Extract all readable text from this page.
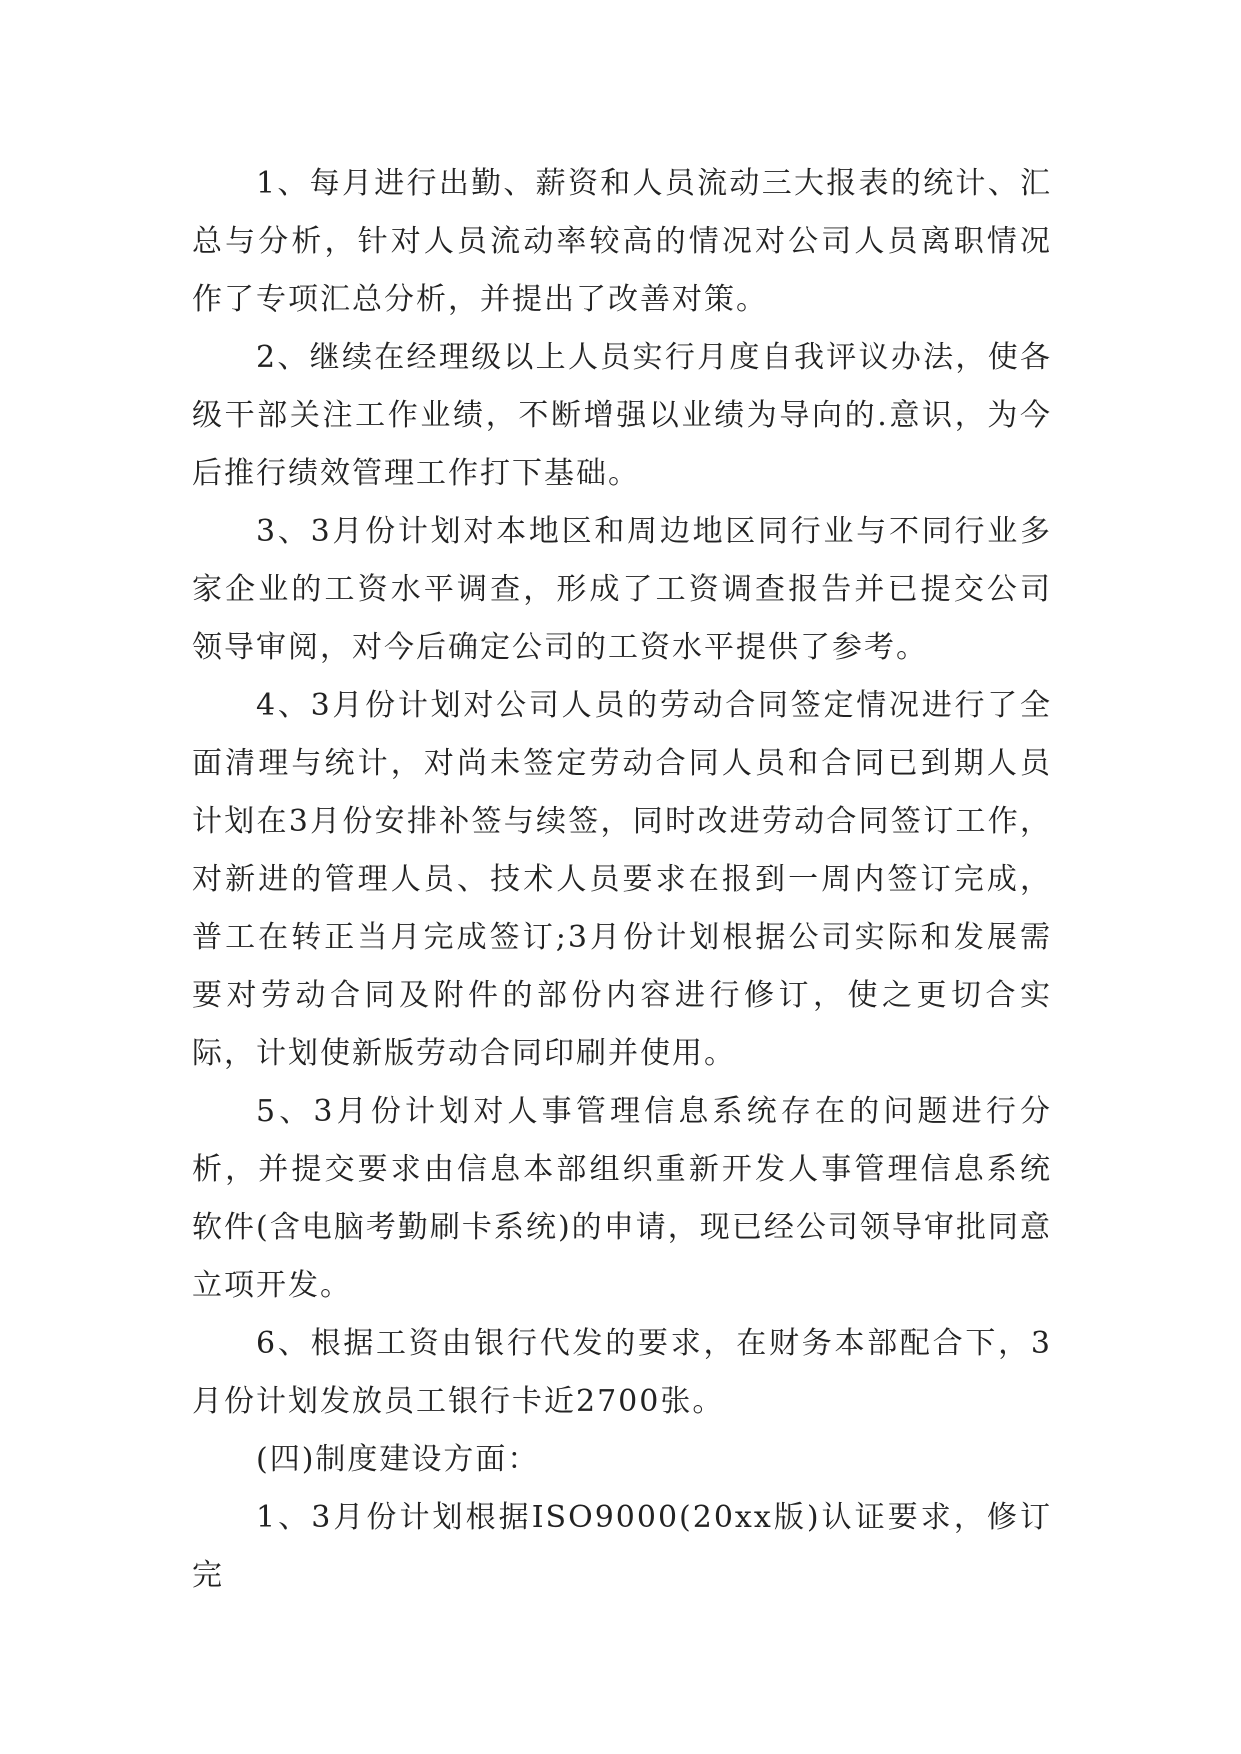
1、每月进行出勤、薪资和人员流动三大报表的统计、汇总与分析，针对人员流动率较高的情况对公司人员离职情况作了专项汇总分析，并提出了改善对策。

2、继续在经理级以上人员实行月度自我评议办法，使各级干部关注工作业绩，不断增强以业绩为导向的.意识，为今后推行绩效管理工作打下基础。

3、3月份计划对本地区和周边地区同行业与不同行业多家企业的工资水平调查，形成了工资调查报告并已提交公司领导审阅，对今后确定公司的工资水平提供了参考。

4、3月份计划对公司人员的劳动合同签定情况进行了全面清理与统计，对尚未签定劳动合同人员和合同已到期人员计划在3月份安排补签与续签，同时改进劳动合同签订工作，对新进的管理人员、技术人员要求在报到一周内签订完成，普工在转正当月完成签订;3月份计划根据公司实际和发展需要对劳动合同及附件的部份内容进行修订，使之更切合实际，计划使新版劳动合同印刷并使用。

5、3月份计划对人事管理信息系统存在的问题进行分析，并提交要求由信息本部组织重新开发人事管理信息系统软件(含电脑考勤刷卡系统)的申请，现已经公司领导审批同意立项开发。

6、根据工资由银行代发的要求，在财务本部配合下，3月份计划发放员工银行卡近2700张。

(四)制度建设方面：

1、3月份计划根据ISO9000(20xx版)认证要求，修订完
